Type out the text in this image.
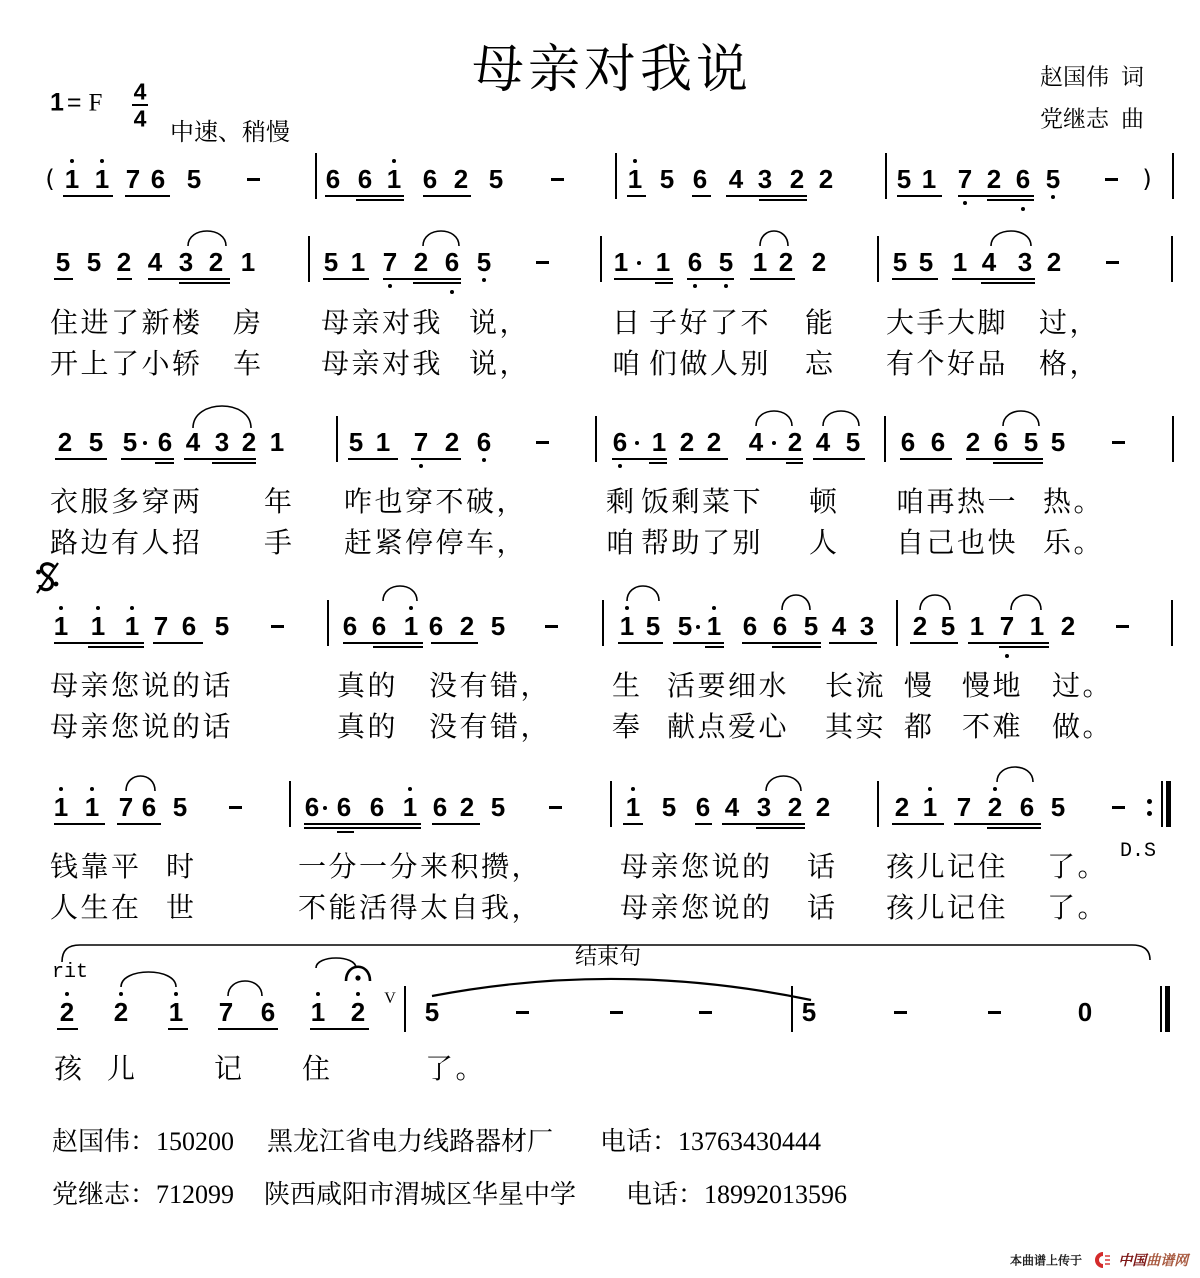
母亲对我说
1 = F 4
4 中速、稍慢
赵国伟 词
党继志 曲
(	)
1 1 7 6 5	6 6 1 6 2 5	1 5 6 4 3 2 2 5 1 7 2 6 5
5 5 2 4 3 2 1	5 1 7 2 6 5	1 1 6 5 1 2 2	5 5 1 4 3 2
住进了新楼 房 母亲对我 说，	日 子好了不 能 大手大脚 过，
开上了小轿 车 母亲对我 说，	咱 们做人别 忘 有个好品 格，
2 5 5 6 4 3 2 1 5 1 7 2 6	6 1 2 2 4 2 4 5 6 6 2 6 5 5
衣服多穿两 年 咋也穿不破，	剩 饭剩菜下 顿 咱再热一 热。
路边有人招 手 赶紧停停车，	咱 帮助了别 人 自己也快 乐。
1 1 1 7 6 5	6 6 1 6 2 5	1 5 5 1 6 6 5 4 3 2 5 1 7 1 2
母亲您说的话	真的 没有错， 生 活要细水 长流 慢 慢地 过。
母亲您说的话	真的 没有错， 奉 献点爱心 其实 都 不难 做。
1 1 7 6 5	6 6 6 1 6 2 5	1 5 6 4 3 2 2 2 1 7 2 6 5
钱靠平 时	一分一分来积攒，	母亲您说的 话 孩儿记住 了。
人生在 世	不能活得太自我，	母亲您说的 话 孩儿记住 了。
2 2 1 7 6 1 2 5	5	0
孩 儿	记 住	了。
D.S
rit
V
结束句
赵国伟：150200 黑龙江省电力线路器材厂 电话：13763430444
党继志：712099 陕西咸阳市渭城区华星中学 电话：18992013596
本曲谱上传于	中国曲谱网
